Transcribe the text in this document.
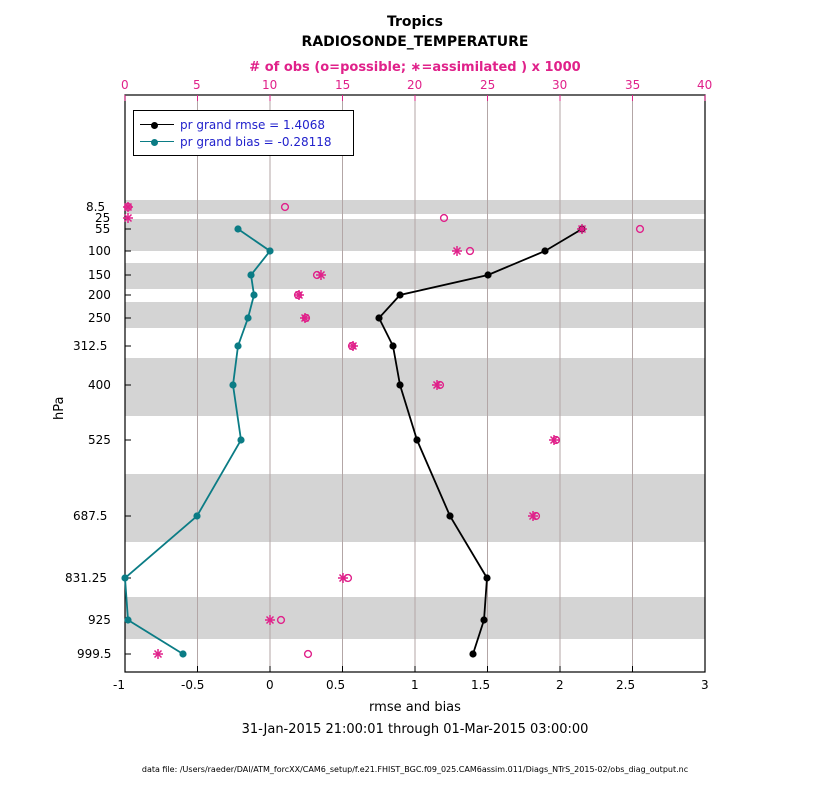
Tropics
RADIOSONDE_TEMPERATURE
# of obs (o=possible; ∗=assimilated ) x 1000
pr grand rmse = 1.4068
pr grand bias = -0.28118
0	5	10	15	20	25	30	35	40
-1	-0.5	0	0.5	1	1.5	2	2.5	3
8.5
25
55
100
150
200
250
312.5
400
525
687.5
831.25
925
999.5
hPa
rmse and bias
31-Jan-2015 21:00:01 through 01-Mar-2015 03:00:00
data file: /Users/raeder/DAI/ATM_forcXX/CAM6_setup/f.e21.FHIST_BGC.f09_025.CAM6assim.011/Diags_NTrS_2015-02/obs_diag_output.nc
